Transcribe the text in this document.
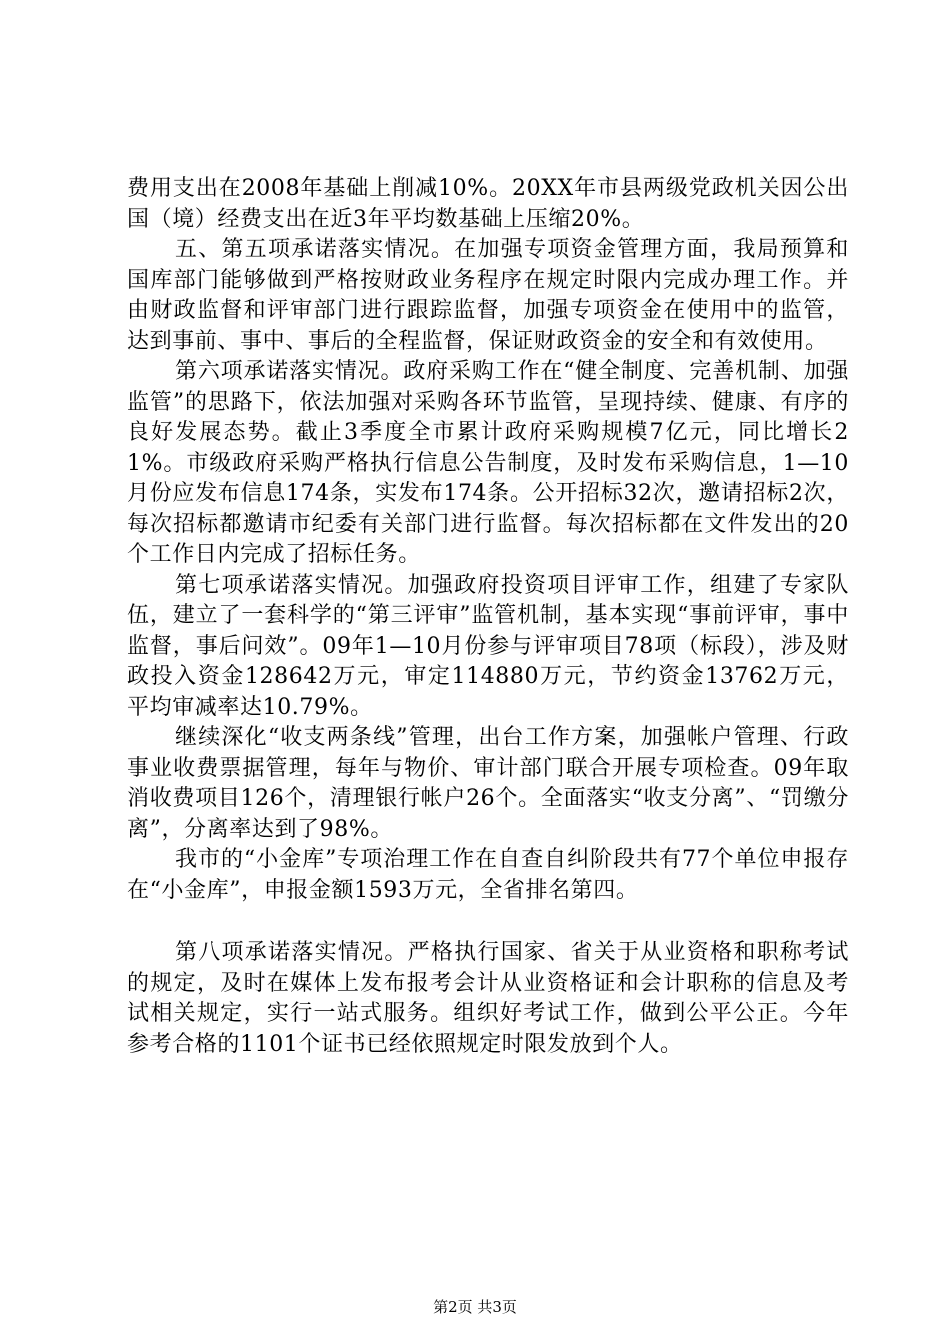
费用支出在2008年基础上削减10%。20XX年市县两级党政机关因公出国（境）经费支出在近3年平均数基础上压缩20%。

五、第五项承诺落实情况。在加强专项资金管理方面，我局预算和国库部门能够做到严格按财政业务程序在规定时限内完成办理工作。并由财政监督和评审部门进行跟踪监督，加强专项资金在使用中的监管，达到事前、事中、事后的全程监督，保证财政资金的安全和有效使用。

第六项承诺落实情况。政府采购工作在“健全制度、完善机制、加强监管”的思路下，依法加强对采购各环节监管，呈现持续、健康、有序的良好发展态势。截止3季度全市累计政府采购规模7亿元，同比增长21%。市级政府采购严格执行信息公告制度，及时发布采购信息，1—10月份应发布信息174条，实发布174条。公开招标32次，邀请招标2次，每次招标都邀请市纪委有关部门进行监督。每次招标都在文件发出的20个工作日内完成了招标任务。

第七项承诺落实情况。加强政府投资项目评审工作，组建了专家队伍，建立了一套科学的“第三评审”监管机制，基本实现“事前评审，事中监督，事后问效”。09年1—10月份参与评审项目78项（标段），涉及财政投入资金128642万元，审定114880万元，节约资金13762万元，平均审减率达10.79%。

继续深化“收支两条线”管理，出台工作方案，加强帐户管理、行政事业收费票据管理，每年与物价、审计部门联合开展专项检查。09年取消收费项目126个，清理银行帐户26个。全面落实“收支分离”、“罚缴分离”，分离率达到了98%。

我市的“小金库”专项治理工作在自查自纠阶段共有77个单位申报存在“小金库”，申报金额1593万元，全省排名第四。

第八项承诺落实情况。严格执行国家、省关于从业资格和职称考试的规定，及时在媒体上发布报考会计从业资格证和会计职称的信息及考试相关规定，实行一站式服务。组织好考试工作，做到公平公正。今年参考合格的1101个证书已经依照规定时限发放到个人。

第2页 共3页
